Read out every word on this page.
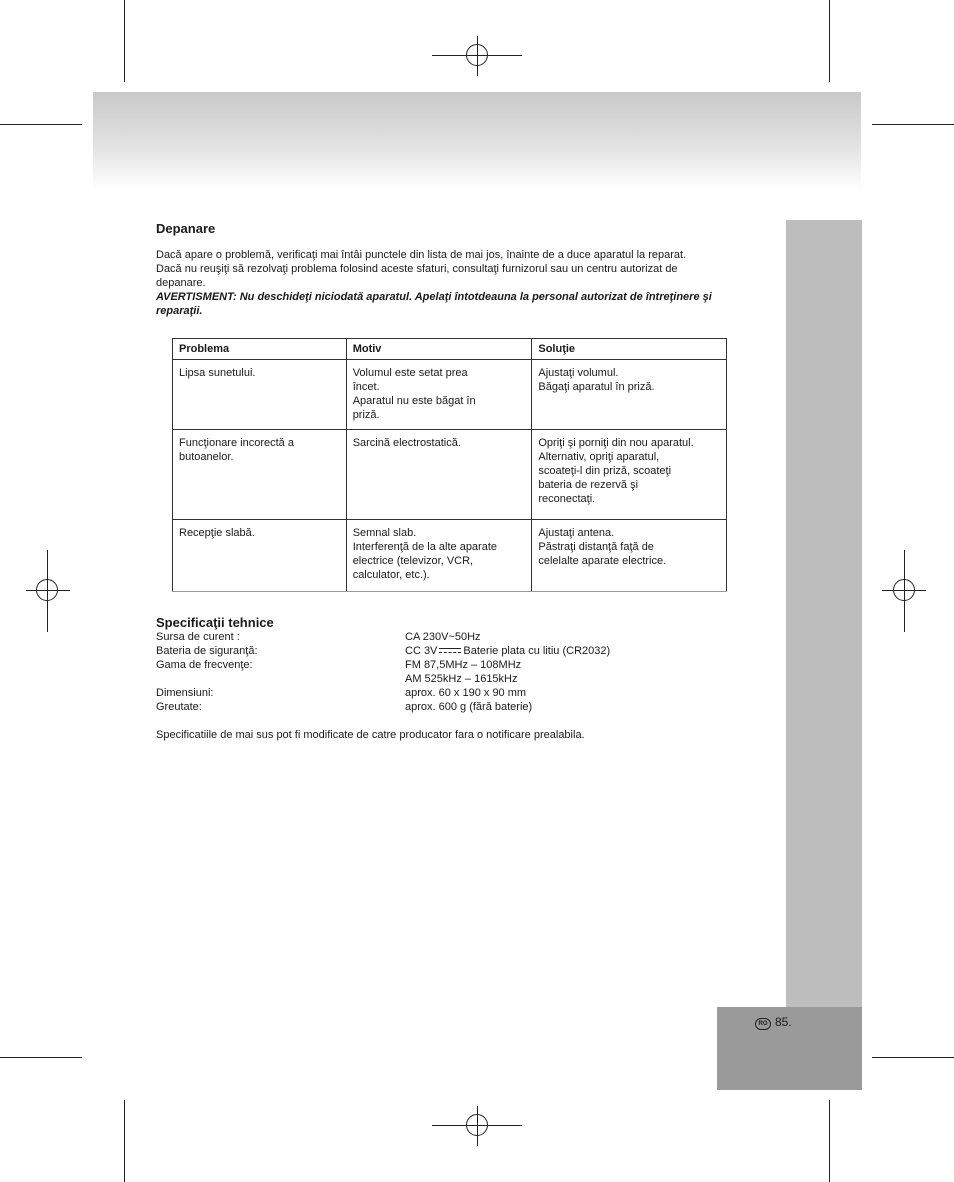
Depanare
Dacă apare o problemă, verificaţi mai întâi punctele din lista de mai jos, înainte de a duce aparatul la reparat.
Dacă nu reuşiţi să rezolvaţi problema folosind aceste sfaturi, consultaţi furnizorul sau un centru autorizat de
depanare.
AVERTISMENT: Nu deschideţi niciodată aparatul. Apelaţi întotdeauna la personal autorizat de întreţinere şi
reparaţii.
Problema	Motiv	Soluţie

Lipsa sunetului.	Volumul este setat prea
încet.
Aparatul nu este băgat în
priză.	Ajustaţi volumul.
Băgaţi aparatul în priză.

Funcţionare incorectă a
butoanelor.	Sarcină electrostatică.	Opriţi şi porniţi din nou aparatul.
Alternativ, opriţi aparatul,
scoateţi-l din priză, scoateţi
bateria de rezervă şi
reconectaţi.

Recepţie slabă.	Semnal slab.
Interferenţă de la alte aparate
electrice (televizor, VCR,
calculator, etc.).	Ajustaţi antena.
Păstraţi distanţă faţă de
celelalte aparate electrice.
Specificaţii tehnice
Sursa de curent :	CA 230V~50Hz
Bateria de siguranţă:	CC 3V Baterie plata cu litiu (CR2032)
Gama de frecvenţe:	FM 87,5MHz – 108MHz
AM 525kHz – 1615kHz
Dimensiuni:	aprox. 60 x 190 x 90 mm
Greutate:	aprox. 600 g (fără baterie)
Specificatiile de mai sus pot fi modificate de catre producator fara o notificare prealabila.
RO 85.
